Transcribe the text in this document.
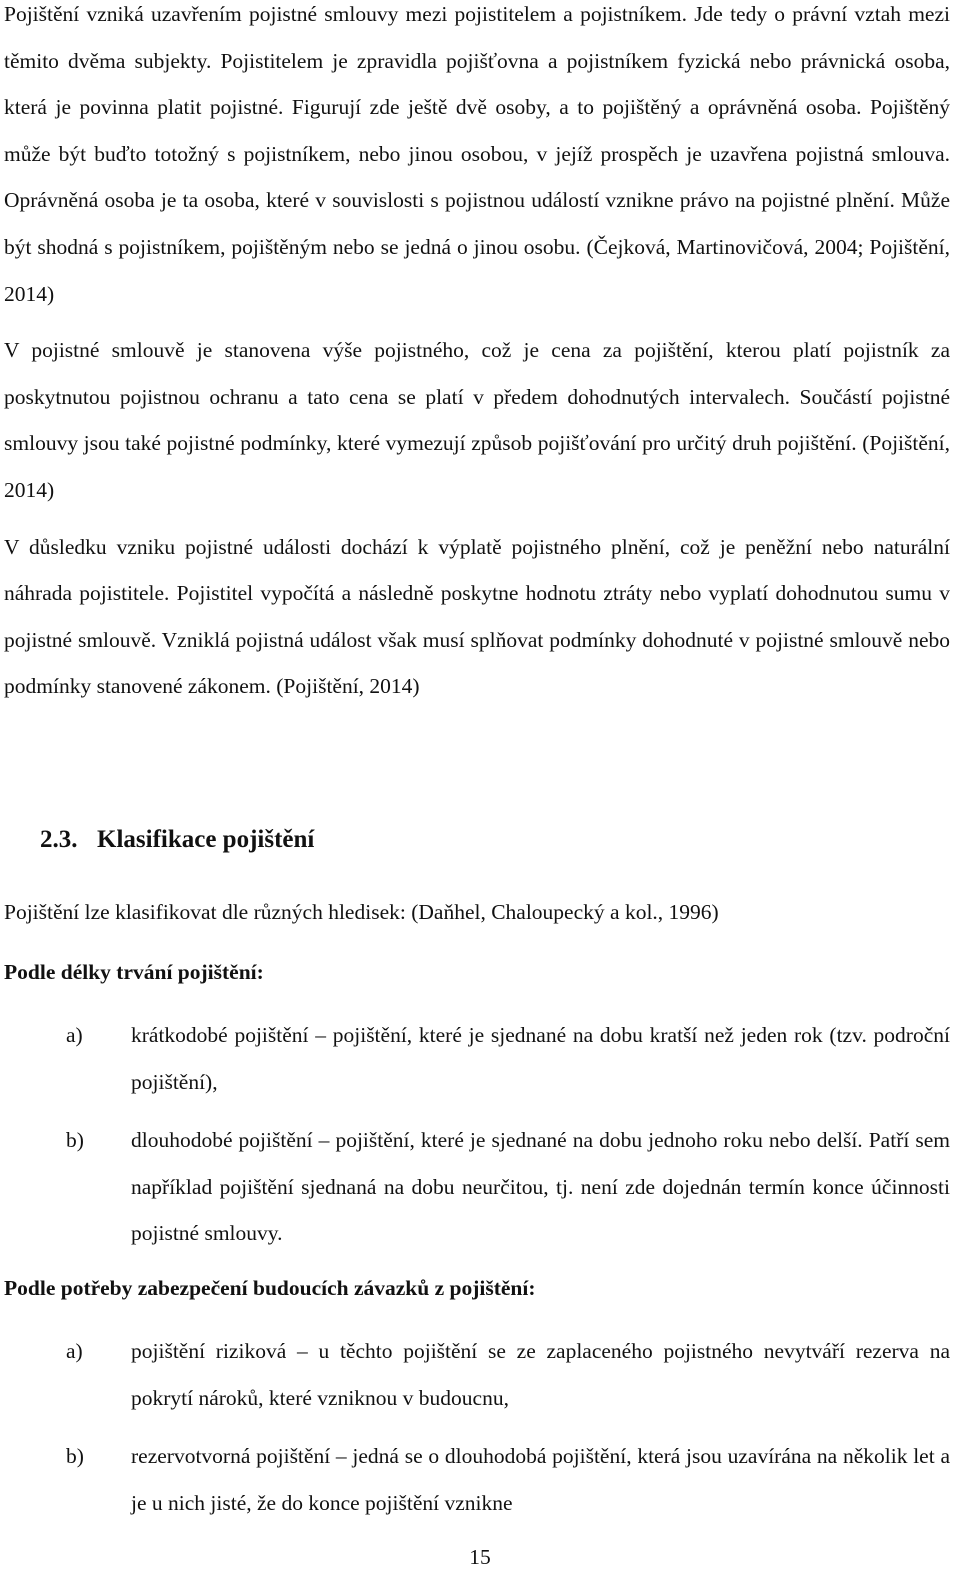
Pojištění vzniká uzavřením pojistné smlouvy mezi pojistitelem a pojistníkem. Jde tedy o právní vztah mezi těmito dvěma subjekty. Pojistitelem je zpravidla pojišťovna a pojistníkem fyzická nebo právnická osoba, která je povinna platit pojistné. Figurují zde ještě dvě osoby, a to pojištěný a oprávněná osoba. Pojištěný může být buďto totožný s pojistníkem, nebo jinou osobou, v jejíž prospěch je uzavřena pojistná smlouva. Oprávněná osoba je ta osoba, které v souvislosti s pojistnou událostí vznikne právo na pojistné plnění. Může být shodná s pojistníkem, pojištěným nebo se jedná o jinou osobu. (Čejková, Martinovičová, 2004; Pojištění, 2014)

V pojistné smlouvě je stanovena výše pojistného, což je cena za pojištění, kterou platí pojistník za poskytnutou pojistnou ochranu a tato cena se platí v předem dohodnutých intervalech. Součástí pojistné smlouvy jsou také pojistné podmínky, které vymezují způsob pojišťování pro určitý druh pojištění. (Pojištění, 2014)

V důsledku vzniku pojistné události dochází k výplatě pojistného plnění, což je peněžní nebo naturální náhrada pojistitele. Pojistitel vypočítá a následně poskytne hodnotu ztráty nebo vyplatí dohodnutou sumu v pojistné smlouvě. Vzniklá pojistná událost však musí splňovat podmínky dohodnuté v pojistné smlouvě nebo podmínky stanovené zákonem. (Pojištění, 2014)

2.3. Klasifikace pojištění

Pojištění lze klasifikovat dle různých hledisek: (Daňhel, Chaloupecký a kol., 1996)

Podle délky trvání pojištění:

a) krátkodobé pojištění – pojištění, které je sjednané na dobu kratší než jeden rok (tzv. področní pojištění),
b) dlouhodobé pojištění – pojištění, které je sjednané na dobu jednoho roku nebo delší. Patří sem například pojištění sjednaná na dobu neurčitou, tj. není zde dojednán termín konce účinnosti pojistné smlouvy.

Podle potřeby zabezpečení budoucích závazků z pojištění:

a) pojištění riziková – u těchto pojištění se ze zaplaceného pojistného nevytváří rezerva na pokrytí nároků, které vzniknou v budoucnu,
b) rezervotvorná pojištění – jedná se o dlouhodobá pojištění, která jsou uzavírána na několik let a je u nich jisté, že do konce pojištění vznikne
15
